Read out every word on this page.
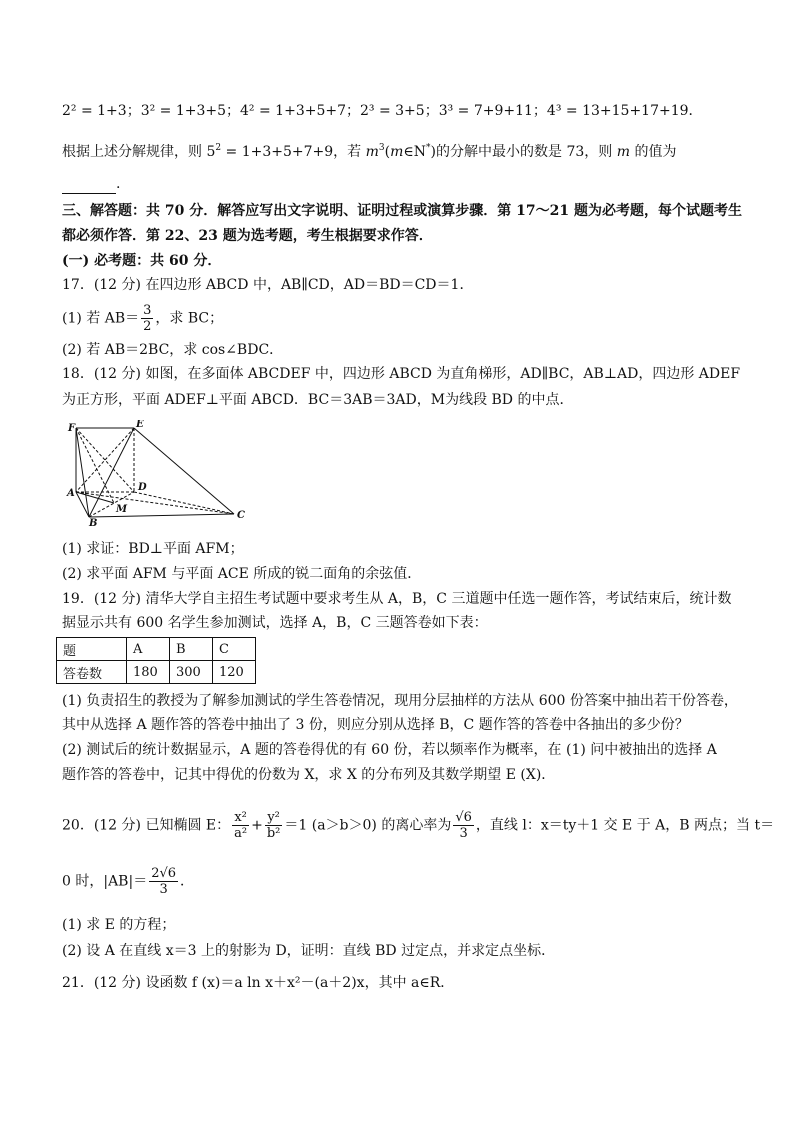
2² = 1+3；3² = 1+3+5；4² = 1+3+5+7；2³ = 3+5；3³ = 7+9+11；4³ = 13+15+17+19．
根据上述分解规律，则 $5^2 = 1+3+5+7+9$，若 $m^3(m\in N^*)$的分解中最小的数是 73，则 m 的值为
.
三、解答题：共 70 分．解答应写出文字说明、证明过程或演算步骤．第 17～21 题为必考题，每个试题考生
都必须作答．第 22、23 题为选考题，考生根据要求作答．
(一) 必考题：共 60 分．
17．(12 分) 在四边形 ABCD 中，AB∥CD，AD＝BD＝CD＝1．
(1) 若 $AB= \frac{3}{2}$ ，求 BC；
(2) 若 AB＝2BC，求 cos∠BDC．
18．(12 分) 如图，在多面体 ABCDEF 中，四边形 ABCD 为直角梯形，AD∥BC，AB⊥AD，四边形 ADEF
为正方形，平面 ADEF⊥平面 ABCD．BC＝3AB＝3AD，M为线段 BD 的中点．
F	E
A
D
M
B
C
(1) 求证：BD⊥平面 AFM；
(2) 求平面 AFM 与平面 ACE 所成的锐二面角的余弦值．
19．(12 分) 清华大学自主招生考试题中要求考生从 A，B，C 三道题中任选一题作答，考试结束后，统计数
据显示共有 600 名学生参加测试，选择 A，B，C 三题答卷如下表：
题	A	B	C
答卷数	180	300	120
(1) 负责招生的教授为了解参加测试的学生答卷情况，现用分层抽样的方法从 600 份答案中抽出若干份答卷，
其中从选择 A 题作答的答卷中抽出了 3 份，则应分别从选择 B，C 题作答的答卷中各抽出的多少份？
(2) 测试后的统计数据显示，A 题的答卷得优的有 60 份，若以频率作为概率，在 (1) 问中被抽出的选择 A
题作答的答卷中，记其中得优的份数为 X，求 X 的分布列及其数学期望 E (X)．
20．(12 分) 已知椭圆 E： $\frac{\text{x²}}{\text{a²}} + \frac{\text{y²}}{\text{b²}} =1$ (a＞b＞0) 的离心率为 $\frac{√6}{3}$ ，直线 l：x＝ty＋1 交 E 于 A，B 两点；当 t＝
0 时，$|AB|= \frac{2√6}{3}$ ．
(1) 求 E 的方程；
(2) 设 A 在直线 x＝3 上的射影为 D，证明：直线 BD 过定点，并求定点坐标．
21．(12 分) 设函数 f (x)＝a ln x＋x²－(a＋2)x，其中 a∈R．
